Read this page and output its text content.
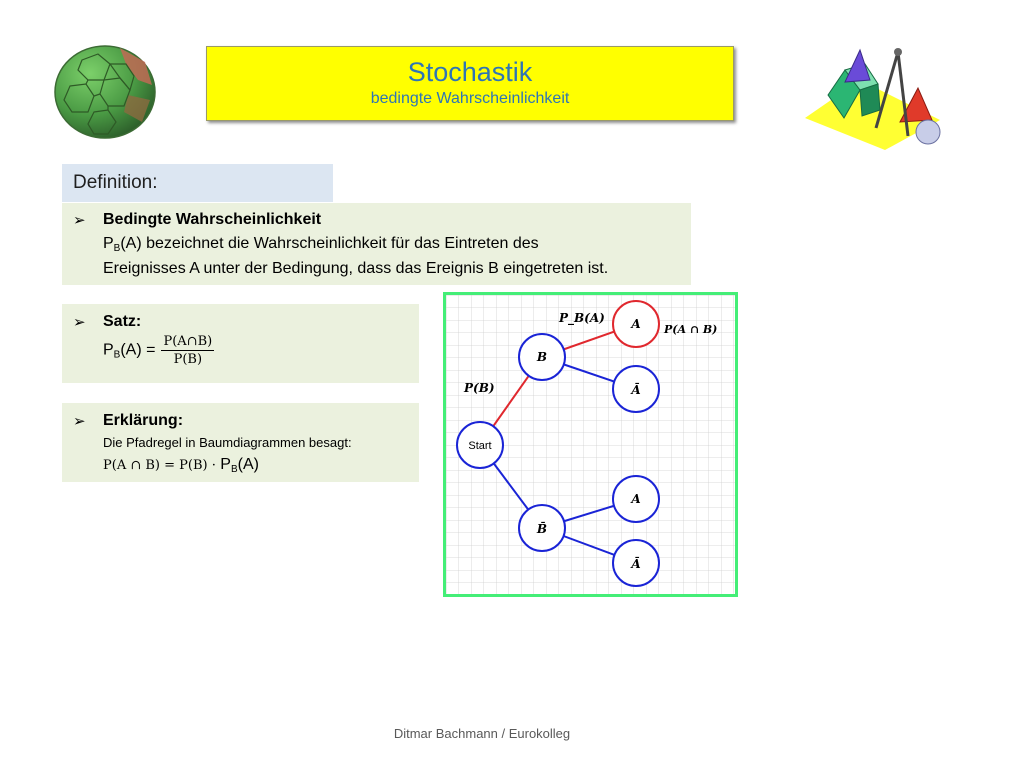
Stochastik
bedingte Wahrscheinlichkeit
Definition:
➢ Bedingte Wahrscheinlichkeit
$P_B(A)$ bezeichnet die Wahrscheinlichkeit für das Eintreten des
Ereignisses A unter der Bedingung, dass das Ereignis B eingetreten ist.
➢ Satz:
$P_B(A) = \frac{P(A\cap B)}{P(B)}$
➢ Erklärung:
Die Pfadregel in Baumdiagrammen besagt:
P(A ∩ $B) = P(B) \cdot P_B(A)$
Start
B
A
Ā
B̄
A
Ā
P(B)
P_B(A)
P(A ∩ B)
Ditmar Bachmann / Eurokolleg
